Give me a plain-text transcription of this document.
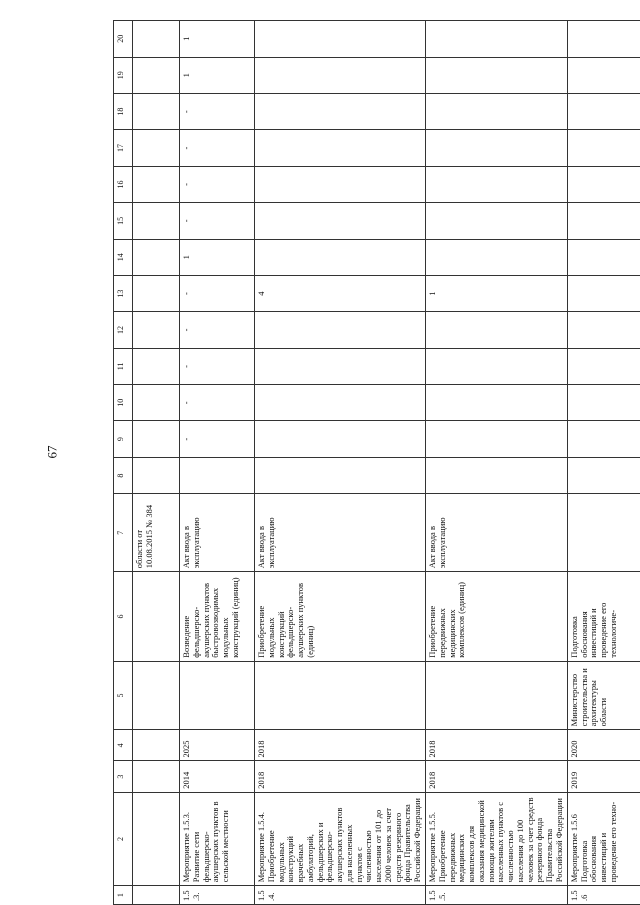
67
1	2	3	4	5	6	7	8	9	10	11	12	13	14	15	16	17	18	19	20
						области от 10.08.2015 № 384													
1.5.3.	Мероприятие 1.5.3. Развитие сети фельдшерско-акушерских пунктов в сельской местности	2014	2025		Возведение фельдшерско-акушерских пунктов быстровозводимых модульных конструкций (единиц)	Акт ввода в эксплуатацию		-	-	-	-	-	1	-	-	-	-	1	1
1.5.4.	Мероприятие 1.5.4. Приобретение модульных конструкций врачебных амбулаторий, фельдшерских и фельдшерско-акушерских пунктов для населенных пунктов с численностью населения от 101 до 2000 человек за счет средств резервного фонда Правительства Российской Федерации	2018	2018		Приобретение модульных конструкций фельдшерско-акушерских пунктов (единиц)	Акт ввода в эксплуатацию						4							
1.5.5.	Мероприятие 1.5.5. Приобретение передвижных медицинских комплексов для оказания медицинской помощи жителям населенных пунктов с численностью населения до 100 человек за счет средств резервного фонда Правительства Российской Федерации	2018	2018		Приобретение передвижных медицинских комплексов (единиц)	Акт ввода в эксплуатацию						1							
1.5.6	Мероприятие 1.5.6 Подготовка обоснования инвестиций и проведение его техно-	2019	2020	Министерство строительства и архитектуры области	Подготовка обоснования инвестиций и проведение его технологиче-														
